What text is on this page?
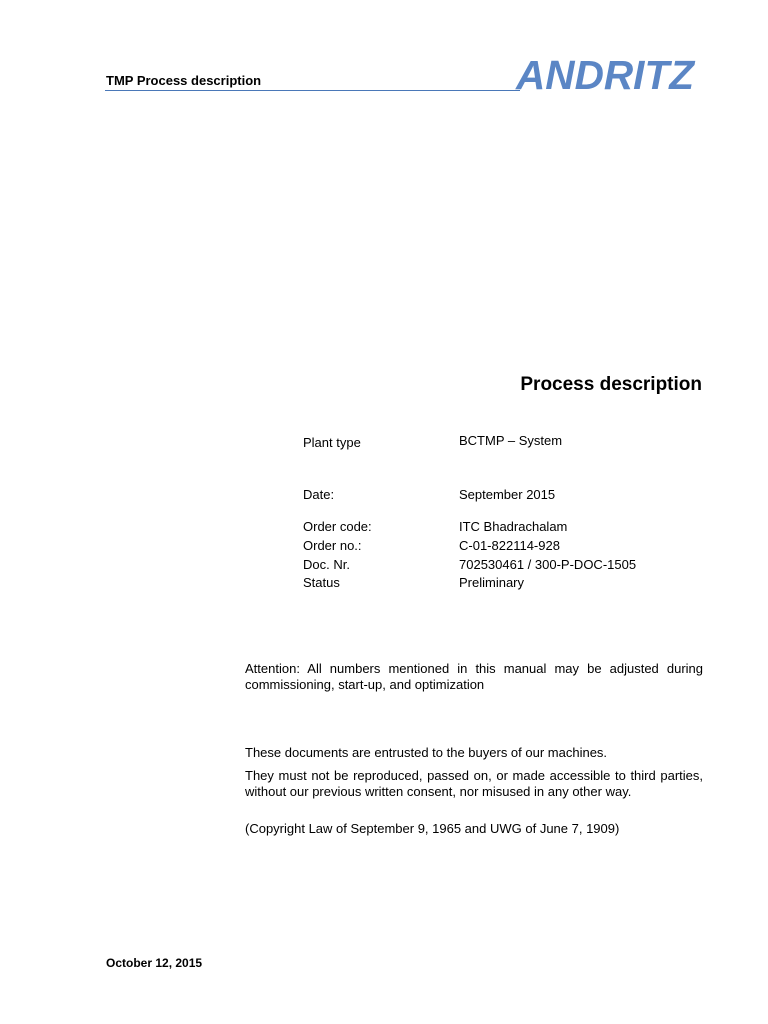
TMP Process description	ANDRITZ
Process description
Plant type	BCTMP – System
Date:	September 2015
Order code:	ITC Bhadrachalam
Order no.:	C-01-822114-928
Doc. Nr.	702530461 / 300-P-DOC-1505
Status	Preliminary
Attention: All numbers mentioned in this manual may be adjusted during commissioning, start-up, and optimization
These documents are entrusted to the buyers of our machines.
They must not be reproduced, passed on, or made accessible to third parties, without our previous written consent, nor misused in any other way.
(Copyright Law of September 9, 1965 and UWG of June 7, 1909)
October 12, 2015
